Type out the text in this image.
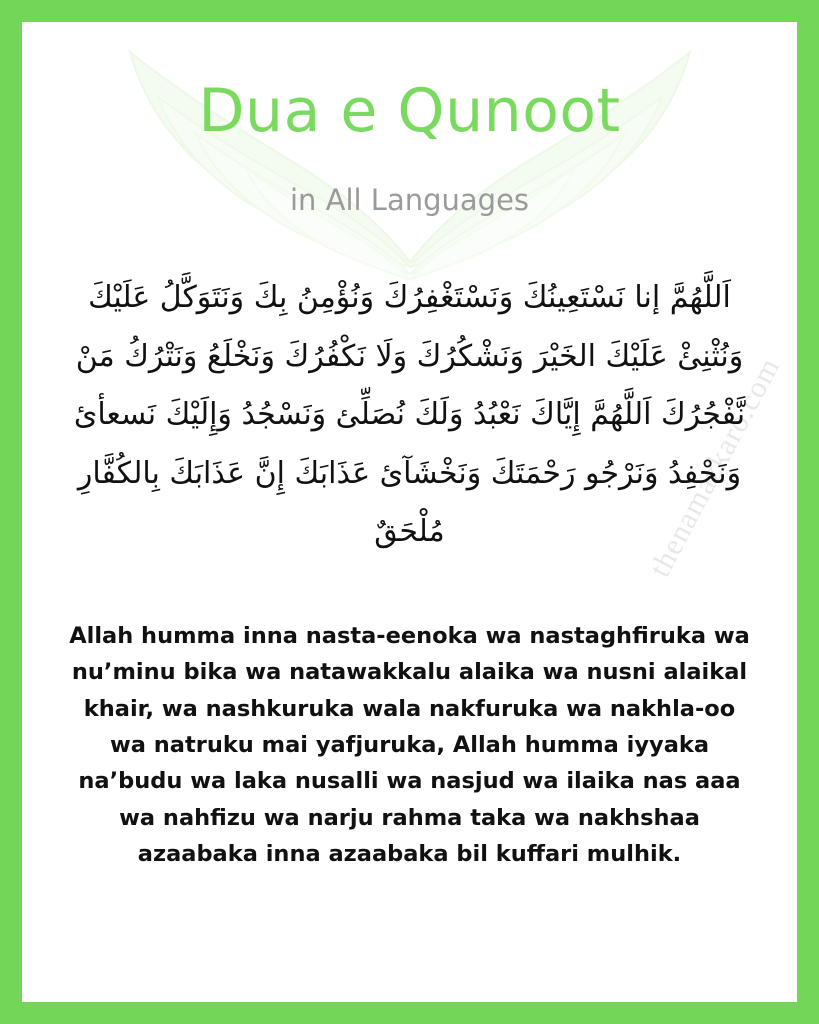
thenamazkaro.com
Dua e Qunoot
in All Languages
اَللَّهُمَّ إنا نَسْتَعِينُكَ وَنَسْتَغْفِرُكَ وَنُؤْمِنُ بِكَ وَنَتَوَكَّلُ عَلَيْكَ وَنُثْنِئْ عَلَيْكَ الخَيْرَ وَنَشْكُرُكَ وَلَا نَكْفُرُكَ وَنَخْلَعُ وَنَتْرُكُ مَنْ نَّفْجُرُكَ اَللَّهُمَّ إِيَّاكَ نَعْبُدُ وَلَكَ نُصَلِّئ وَنَسْجُدُ وَإِلَيْكَ نَسعأئ وَنَحْفِدُ وَنَرْجُو رَحْمَتَكَ وَنَخْشَآئ عَذَابَكَ إِنَّ عَذَابَكَ بِالكُفَّارِ مُلْحَقٌ
Allah humma inna nasta-eenoka wa nastaghfiruka wa nu’minu bika wa natawakkalu alaika wa nusni alaikal khair, wa nashkuruka wala nakfuruka wa nakhla-oo wa natruku mai yafjuruka, Allah humma iyyaka na’budu wa laka nusalli wa nasjud wa ilaika nas aaa wa nahfizu wa narju rahma taka wa nakhshaa azaabaka inna azaabaka bil kuffari mulhik.
